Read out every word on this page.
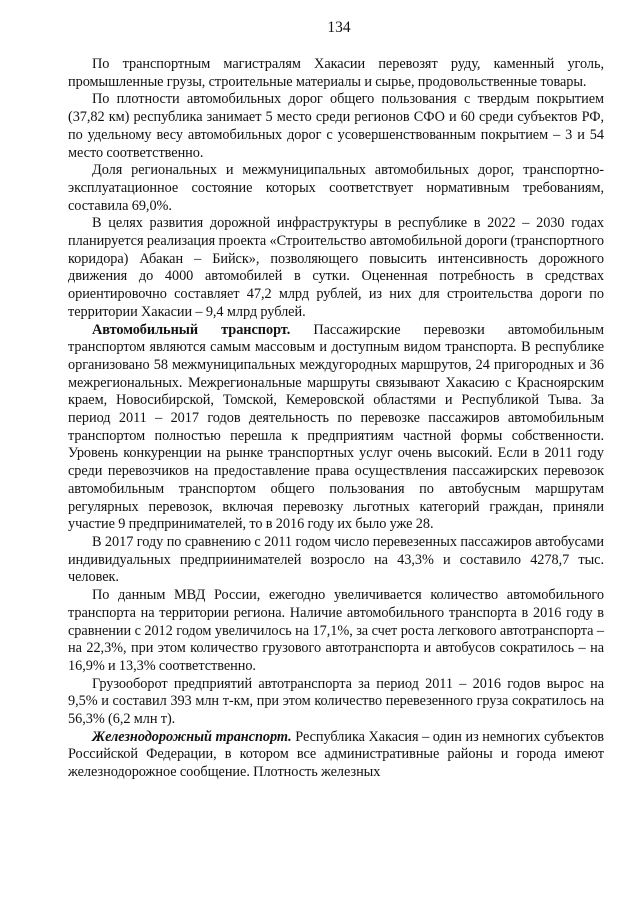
134

По транспортным магистралям Хакасии перевозят руду, каменный уголь, промышленные грузы, строительные материалы и сырье, продовольственные товары.

По плотности автомобильных дорог общего пользования с твердым покрытием (37,82 км) республика занимает 5 место среди регионов СФО и 60 среди субъектов РФ, по удельному весу автомобильных дорог с усовершенствованным покрытием – 3 и 54 место соответственно.

Доля региональных и межмуниципальных автомобильных дорог, транспортно-эксплуатационное состояние которых соответствует нормативным требованиям, составила 69,0%.

В целях развития дорожной инфраструктуры в республике в 2022 – 2030 годах планируется реализация проекта «Строительство автомобильной дороги (транспортного коридора) Абакан – Бийск», позволяющего повысить интенсивность дорожного движения до 4000 автомобилей в сутки. Оцененная потребность в средствах ориентировочно составляет 47,2 млрд рублей, из них для строительства дороги по территории Хакасии – 9,4 млрд рублей.

Автомобильный транспорт. Пассажирские перевозки автомобильным транспортом являются самым массовым и доступным видом транспорта. В республике организовано 58 межмуниципальных междугородных маршрутов, 24 пригородных и 36 межрегиональных. Межрегиональные маршруты связывают Хакасию с Красноярским краем, Новосибирской, Томской, Кемеровской областями и Республикой Тыва. За период 2011 – 2017 годов деятельность по перевозке пассажиров автомобильным транспортом полностью перешла к предприятиям частной формы собственности. Уровень конкуренции на рынке транспортных услуг очень высокий. Если в 2011 году среди перевозчиков на предоставление права осуществления пассажирских перевозок автомобильным транспортом общего пользования по автобусным маршрутам регулярных перевозок, включая перевозку льготных категорий граждан, приняли участие 9 предпринимателей, то в 2016 году их было уже 28.

В 2017 году по сравнению с 2011 годом число перевезенных пассажиров автобусами индивидуальных предприинимателей возросло на 43,3% и составило 4278,7 тыс. человек.

По данным МВД России, ежегодно увеличивается количество автомобильного транспорта на территории региона. Наличие автомобильного транспорта в 2016 году в сравнении с 2012 годом увеличилось на 17,1%, за счет роста легкового автотранспорта – на 22,3%, при этом количество грузового автотранспорта и автобусов сократилось – на 16,9% и 13,3% соответственно.

Грузооборот предприятий автотранспорта за период 2011 – 2016 годов вырос на 9,5% и составил 393 млн т-км, при этом количество перевезенного груза сократилось на 56,3% (6,2 млн т).

Железнодорожный транспорт. Республика Хакасия – один из немногих субъектов Российской Федерации, в котором все административные районы и города имеют железнодорожное сообщение. Плотность железных
